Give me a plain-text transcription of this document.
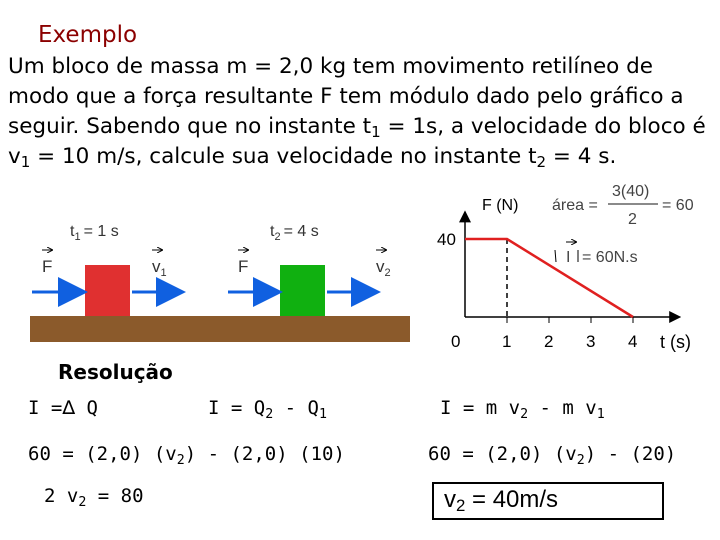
Exemplo
Um bloco de massa m = 2,0 kg tem movimento retilíneo de modo que a força resultante F tem módulo dado pelo gráfico a seguir. Sabendo que no instante $t_1 = 1s$, a velocidade do bloco é $v_1 = 10$ m/s, calcule sua velocidade no instante $t_2 = 4$ s.
$t_1 = 1$ s	$t_2 = 4$ s
F	$v_1$	F	$v_2$
0 1 2 3 4
40
F (N)
t (s)
área =
3(40)
2
= 60
I = 60N.s
Resolução
I =∆ Q	$I = Q_2 - Q_1$	I = m $v_2$ - m $v_1$
60 = (2,0) $(v_2) - (2,0)$ (10)	60 = (2,0) $(v_2) - (20)$
2 $v_2 = 80$	$v_2 = 40m/s$
